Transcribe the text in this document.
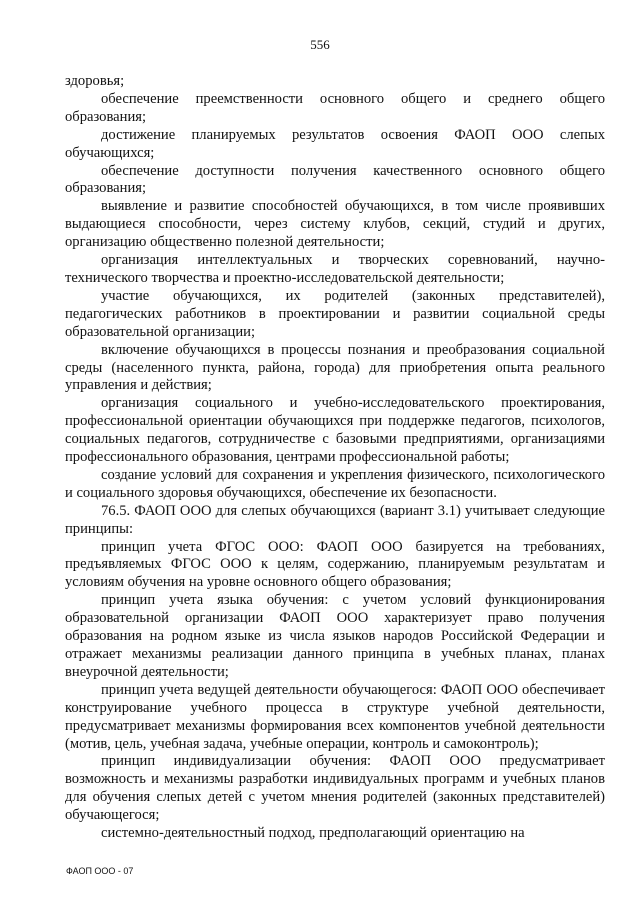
556

здоровья;

обеспечение преемственности основного общего и среднего общего образования;

достижение планируемых результатов освоения ФАОП ООО слепых обучающихся;

обеспечение доступности получения качественного основного общего образования;

выявление и развитие способностей обучающихся, в том числе проявивших выдающиеся способности, через систему клубов, секций, студий и других, организацию общественно полезной деятельности;

организация интеллектуальных и творческих соревнований, научно-технического творчества и проектно-исследовательской деятельности;

участие обучающихся, их родителей (законных представителей), педагогических работников в проектировании и развитии социальной среды образовательной организации;

включение обучающихся в процессы познания и преобразования социальной среды (населенного пункта, района, города) для приобретения опыта реального управления и действия;

организация социального и учебно-исследовательского проектирования, профессиональной ориентации обучающихся при поддержке педагогов, психологов, социальных педагогов, сотрудничестве с базовыми предприятиями, организациями профессионального образования, центрами профессиональной работы;

создание условий для сохранения и укрепления физического, психологического и социального здоровья обучающихся, обеспечение их безопасности.

76.5. ФАОП ООО для слепых обучающихся (вариант 3.1) учитывает следующие принципы:

принцип учета ФГОС ООО: ФАОП ООО базируется на требованиях, предъявляемых ФГОС ООО к целям, содержанию, планируемым результатам и условиям обучения на уровне основного общего образования;

принцип учета языка обучения: с учетом условий функционирования образовательной организации ФАОП ООО характеризует право получения образования на родном языке из числа языков народов Российской Федерации и отражает механизмы реализации данного принципа в учебных планах, планах внеурочной деятельности;

принцип учета ведущей деятельности обучающегося: ФАОП ООО обеспечивает конструирование учебного процесса в структуре учебной деятельности, предусматривает механизмы формирования всех компонентов учебной деятельности (мотив, цель, учебная задача, учебные операции, контроль и самоконтроль);

принцип индивидуализации обучения: ФАОП ООО предусматривает возможность и механизмы разработки индивидуальных программ и учебных планов для обучения слепых детей с учетом мнения родителей (законных представителей) обучающегося;

системно-деятельностный подход, предполагающий ориентацию на

ФАОП ООО - 07
